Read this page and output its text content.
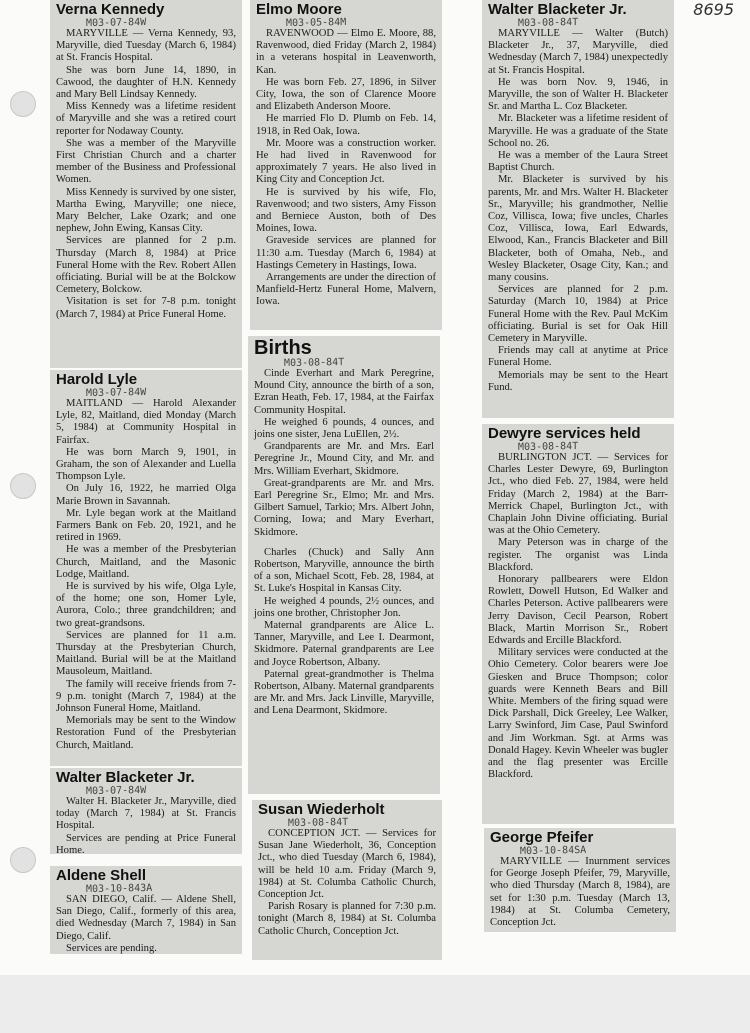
8695
Verna Kennedy
M03-07-84W

MARYVILLE — Verna Kennedy, 93, Maryville, died Tuesday (March 6, 1984) at St. Francis Hospital.

She was born June 14, 1890, in Cawood, the daughter of H.N. Kennedy and Mary Bell Lindsay Kennedy.

Miss Kennedy was a lifetime resident of Maryville and she was a retired court reporter for Nodaway County.

She was a member of the Maryville First Christian Church and a charter member of the Business and Professional Women.

Miss Kennedy is survived by one sister, Martha Ewing, Maryville; one niece, Mary Belcher, Lake Ozark; and one nephew, John Ewing, Kansas City.

Services are planned for 2 p.m. Thursday (March 8, 1984) at Price Funeral Home with the Rev. Robert Allen officiating. Burial will be at the Bolckow Cemetery, Bolckow.

Visitation is set for 7-8 p.m. tonight (March 7, 1984) at Price Funeral Home.

Harold Lyle
M03-07-84W

MAITLAND — Harold Alexander Lyle, 82, Maitland, died Monday (March 5, 1984) at Community Hospital in Fairfax.

He was born March 9, 1901, in Graham, the son of Alexander and Luella Thompson Lyle.

On July 16, 1922, he married Olga Marie Brown in Savannah.

Mr. Lyle began work at the Maitland Farmers Bank on Feb. 20, 1921, and he retired in 1969.

He was a member of the Presbyterian Church, Maitland, and the Masonic Lodge, Maitland.

He is survived by his wife, Olga Lyle, of the home; one son, Homer Lyle, Aurora, Colo.; three grandchildren; and two great-grandsons.

Services are planned for 11 a.m. Thursday at the Presbyterian Church, Maitland. Burial will be at the Maitland Mausoleum, Maitland.

The family will receive friends from 7-9 p.m. tonight (March 7, 1984) at the Johnson Funeral Home, Maitland.

Memorials may be sent to the Window Restoration Fund of the Presbyterian Church, Maitland.

Walter Blacketer Jr.
M03-07-84W

Walter H. Blacketer Jr., Maryville, died today (March 7, 1984) at St. Francis Hospital.

Services are pending at Price Funeral Home.

Aldene Shell
M03-10-843A

SAN DIEGO, Calif. — Aldene Shell, San Diego, Calif., formerly of this area, died Wednesday (March 7, 1984) in San Diego, Calif.

Services are pending.

Elmo Moore
M03-05-84M

RAVENWOOD — Elmo E. Moore, 88, Ravenwood, died Friday (March 2, 1984) in a veterans hospital in Leavenworth, Kan.

He was born Feb. 27, 1896, in Silver City, Iowa, the son of Clarence Moore and Elizabeth Anderson Moore.

He married Flo D. Plumb on Feb. 14, 1918, in Red Oak, Iowa.

Mr. Moore was a construction worker. He had lived in Ravenwood for approximately 7 years. He also lived in King City and Conception Jct.

He is survived by his wife, Flo, Ravenwood; and two sisters, Amy Fisson and Berniece Auston, both of Des Moines, Iowa.

Graveside services are planned for 11:30 a.m. Tuesday (March 6, 1984) at Hastings Cemetery in Hastings, Iowa.

Arrangements are under the direction of Manfield-Hertz Funeral Home, Malvern, Iowa.

Births
M03-08-84T

Cinde Everhart and Mark Peregrine, Mound City, announce the birth of a son, Ezran Heath, Feb. 17, 1984, at the Fairfax Community Hospital.

He weighed 6 pounds, 4 ounces, and joins one sister, Jena LuEllen, 2½.

Grandparents are Mr. and Mrs. Earl Peregrine Jr., Mound City, and Mr. and Mrs. William Everhart, Skidmore.

Great-grandparents are Mr. and Mrs. Earl Peregrine Sr., Elmo; Mr. and Mrs. Gilbert Samuel, Tarkio; Mrs. Albert John, Corning, Iowa; and Mary Everhart, Skidmore.

Charles (Chuck) and Sally Ann Robertson, Maryville, announce the birth of a son, Michael Scott, Feb. 28, 1984, at St. Luke's Hospital in Kansas City.

He weighed 4 pounds, 2½ ounces, and joins one brother, Christopher Jon.

Maternal grandparents are Alice L. Tanner, Maryville, and Lee I. Dearmont, Skidmore. Paternal grandparents are Lee and Joyce Robertson, Albany.

Paternal great-grandmother is Thelma Robertson, Albany. Maternal grandparents are Mr. and Mrs. Jack Linville, Maryville, and Lena Dearmont, Skidmore.

Susan Wiederholt
M03-08-84T

CONCEPTION JCT. — Services for Susan Jane Wiederholt, 36, Conception Jct., who died Tuesday (March 6, 1984), will be held 10 a.m. Friday (March 9, 1984) at St. Columba Catholic Church, Conception Jct.

Parish Rosary is planned for 7:30 p.m. tonight (March 8, 1984) at St. Columba Catholic Church, Conception Jct.

Walter Blacketer Jr.
M03-08-84T

MARYVILLE — Walter (Butch) Blacketer Jr., 37, Maryville, died Wednesday (March 7, 1984) unexpectedly at St. Francis Hospital.

He was born Nov. 9, 1946, in Maryville, the son of Walter H. Blacketer Sr. and Martha L. Coz Blacketer.

Mr. Blacketer was a lifetime resident of Maryville. He was a graduate of the State School no. 26.

He was a member of the Laura Street Baptist Church.

Mr. Blacketer is survived by his parents, Mr. and Mrs. Walter H. Blacketer Sr., Maryville; his grandmother, Nellie Coz, Villisca, Iowa; five uncles, Charles Coz, Villisca, Iowa, Earl Edwards, Elwood, Kan., Francis Blacketer and Bill Blacketer, both of Omaha, Neb., and Wesley Blacketer, Osage City, Kan.; and many cousins.

Services are planned for 2 p.m. Saturday (March 10, 1984) at Price Funeral Home with the Rev. Paul McKim officiating. Burial is set for Oak Hill Cemetery in Maryville.

Friends may call at anytime at Price Funeral Home.

Memorials may be sent to the Heart Fund.

Dewyre services held
M03-08-84T

BURLINGTON JCT. — Services for Charles Lester Dewyre, 69, Burlington Jct., who died Feb. 27, 1984, were held Friday (March 2, 1984) at the Barr-Merrick Chapel, Burlington Jct., with Chaplain John Divine officiating. Burial was at the Ohio Cemetery.

Mary Peterson was in charge of the register. The organist was Linda Blackford.

Honorary pallbearers were Eldon Rowlett, Dowell Hutson, Ed Walker and Charles Peterson. Active pallbearers were Jerry Davison, Cecil Pearson, Robert Black, Martin Morrison Sr., Robert Edwards and Ercille Blackford.

Military services were conducted at the Ohio Cemetery. Color bearers were Joe Giesken and Bruce Thompson; color guards were Kenneth Bears and Bill White. Members of the firing squad were Dick Parshall, Dick Greeley, Lee Walker, Larry Swinford, Jim Case, Paul Swinford and Jim Workman. Sgt. at Arms was Donald Hagey. Kevin Wheeler was bugler and the flag presenter was Ercille Blackford.

George Pfeifer
M03-10-84SA

MARYVILLE — Inurnment services for George Joseph Pfeifer, 79, Maryville, who died Thursday (March 8, 1984), are set for 1:30 p.m. Tuesday (March 13, 1984) at St. Columba Cemetery, Conception Jct.
